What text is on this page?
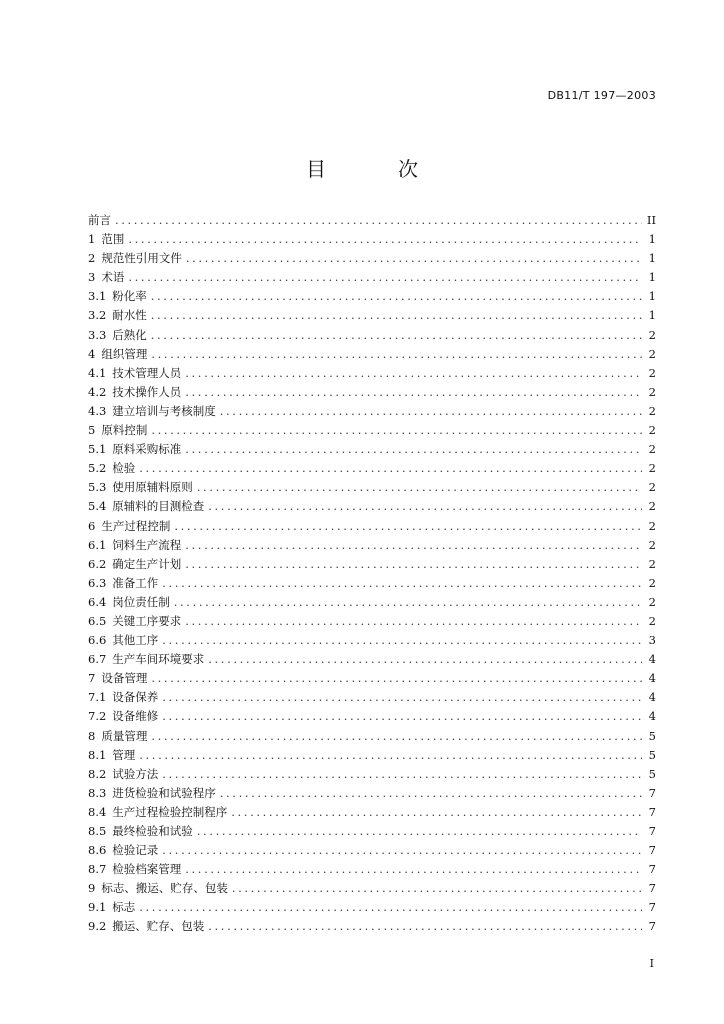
DB11/T 197—2003
目　次
前言 .....	II
1 范围 .....	1
2 规范性引用文件 .....	1
3 术语 .....	1
3.1 粉化率 .....	1
3.2 耐水性 .....	1
3.3 后熟化 .....	2
4 组织管理 .....	2
4.1 技术管理人员 .....	2
4.2 技术操作人员 .....	2
4.3 建立培训与考核制度 .....	2
5 原料控制 .....	2
5.1 原料采购标准 .....	2
5.2 检验 .....	2
5.3 使用原辅料原则 .....	2
5.4 原辅料的目测检查 .....	2
6 生产过程控制 .....	2
6.1 饲料生产流程 .....	2
6.2 确定生产计划 .....	2
6.3 准备工作 .....	2
6.4 岗位责任制 .....	2
6.5 关键工序要求 .....	2
6.6 其他工序 .....	3
6.7 生产车间环境要求 .....	4
7 设备管理 .....	4
7.1 设备保养 .....	4
7.2 设备维修 .....	4
8 质量管理 .....	5
8.1 管理 .....	5
8.2 试验方法 .....	5
8.3 进货检验和试验程序 .....	7
8.4 生产过程检验控制程序 .....	7
8.5 最终检验和试验 .....	7
8.6 检验记录 .....	7
8.7 检验档案管理 .....	7
9 标志、搬运、贮存、包装 .....	7
9.1 标志 .....	7
9.2 搬运、贮存、包装 .....	7
I
